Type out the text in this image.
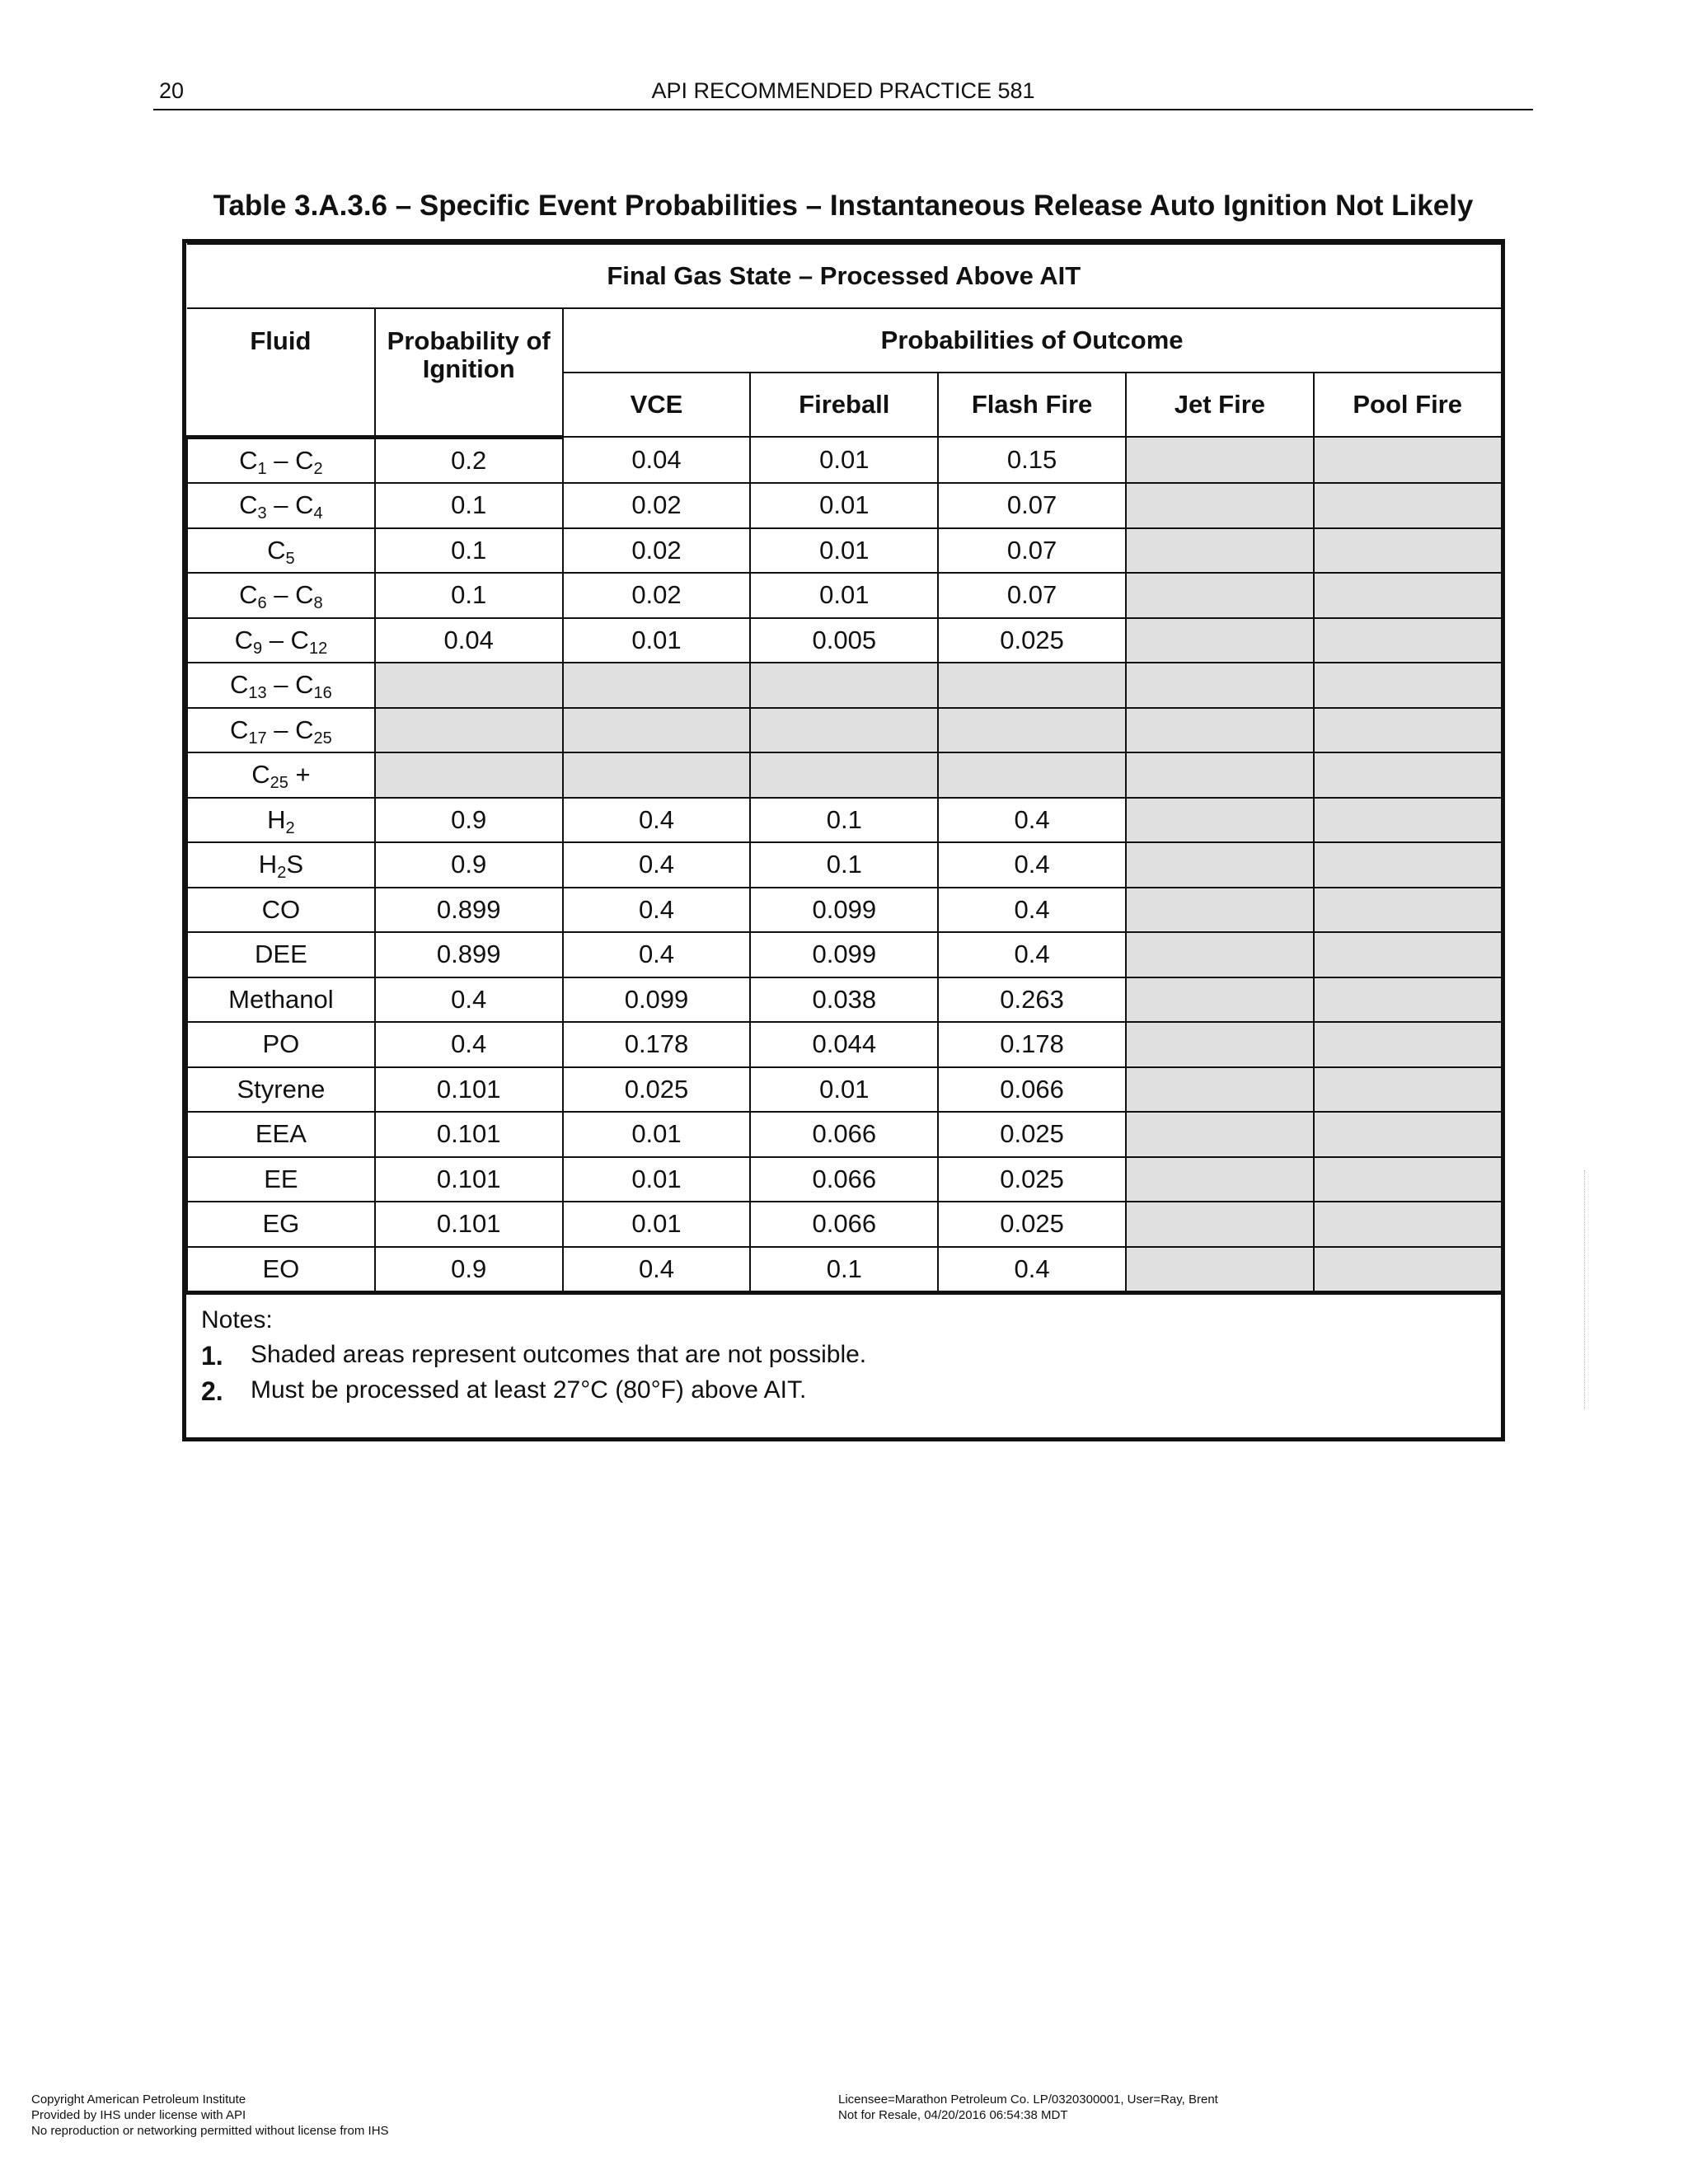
20	API RECOMMENDED PRACTICE 581
Table 3.A.3.6 – Specific Event Probabilities – Instantaneous Release Auto Ignition Not Likely
Final Gas State – Processed Above AIT						
Fluid	Probability of Ignition	Probabilities of Outcome				
		VCE	Fireball	Flash Fire	Jet Fire	Pool Fire
$C_1 - C_2$	0.2	0.04	0.01	0.15		
$C_3 - C_4$	0.1	0.02	0.01	0.07		
$C_5$	0.1	0.02	0.01	0.07		
$C_6 - C_8$	0.1	0.02	0.01	0.07		
$C_9 - C_{12}$	0.04	0.01	0.005	0.025		
$C_{13} - C_{16}$						
$C_{17} - C_{25}$						
$C_{25}$ +						
$H_2$	0.9	0.4	0.1	0.4		
$H_2S$	0.9	0.4	0.1	0.4		
CO	0.899	0.4	0.099	0.4		
DEE	0.899	0.4	0.099	0.4		
Methanol	0.4	0.099	0.038	0.263		
PO	0.4	0.178	0.044	0.178		
Styrene	0.101	0.025	0.01	0.066		
EEA	0.101	0.01	0.066	0.025		
EE	0.101	0.01	0.066	0.025		
EG	0.101	0.01	0.066	0.025		
EO	0.9	0.4	0.1	0.4		
Notes:
1.	Shaded areas represent outcomes that are not possible.
2.	Must be processed at least 27°C (80°F) above AIT.
Copyright American Petroleum Institute
Provided by IHS under license with API
No reproduction or networking permitted without license from IHS
Licensee=Marathon Petroleum Co. LP/0320300001, User=Ray, Brent
Not for Resale, 04/20/2016 06:54:38 MDT
